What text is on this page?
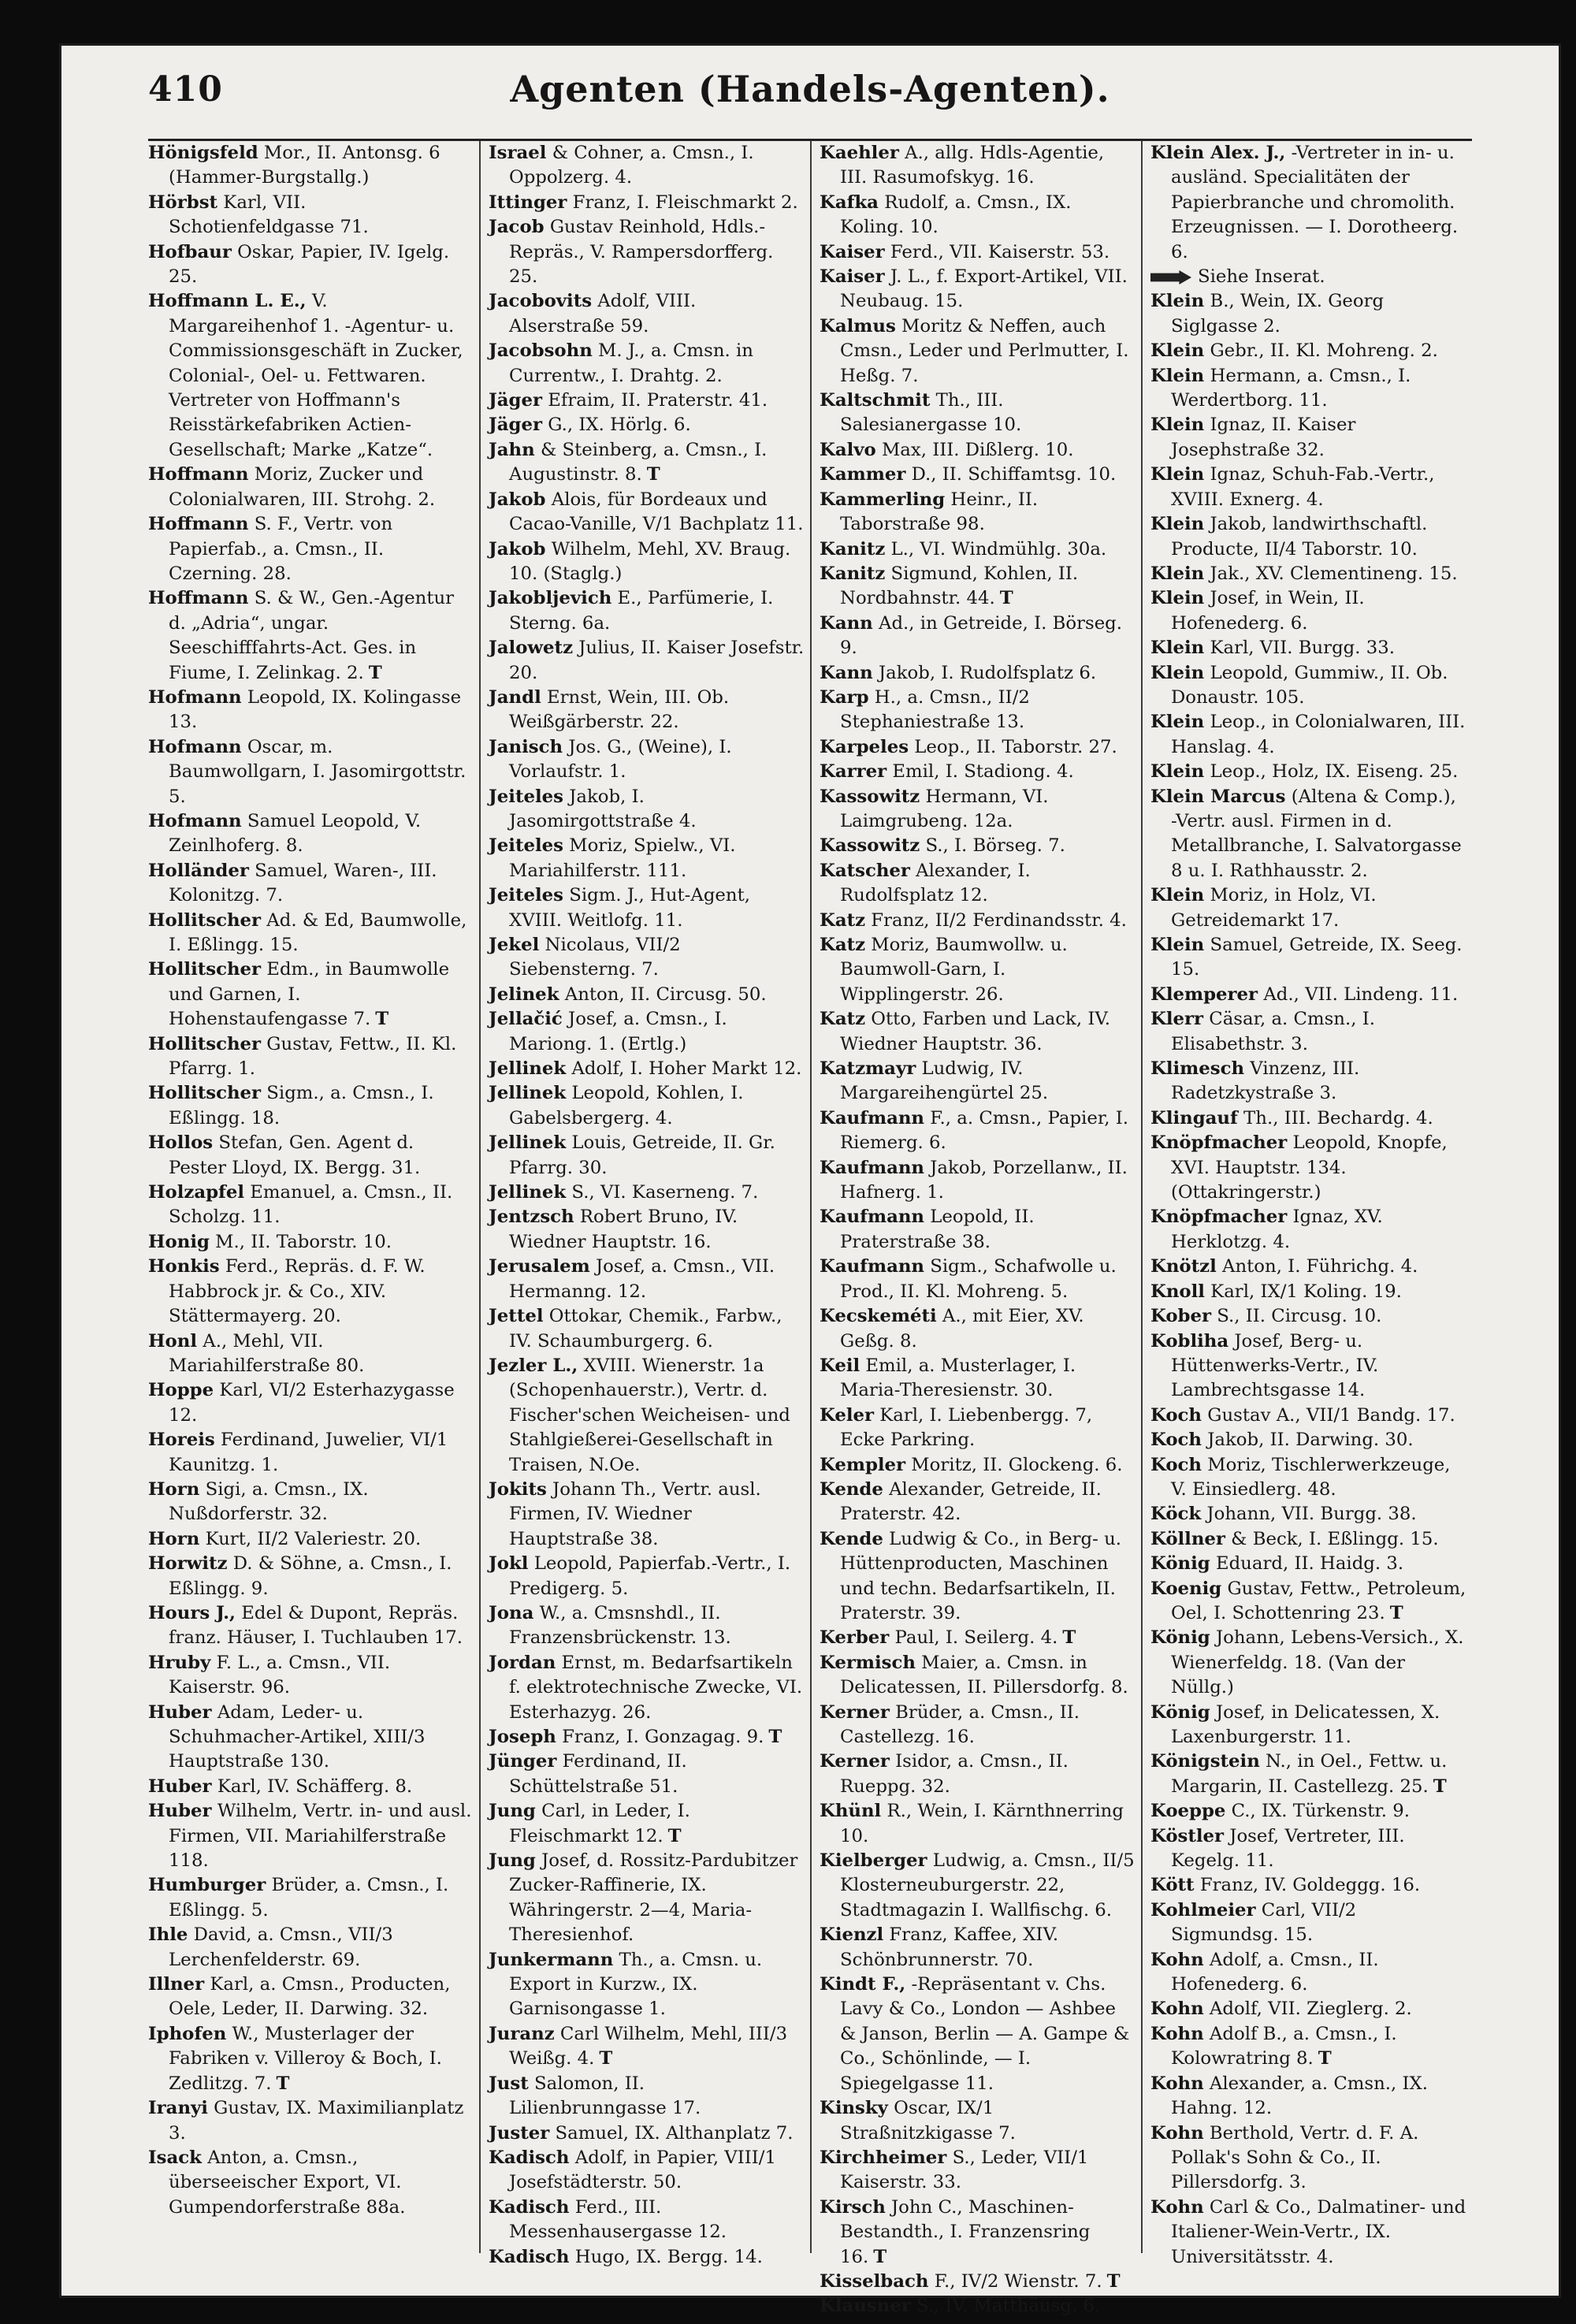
410	Agenten (Handels-Agenten).
Hönigsfeld Mor., II. Antonsg. 6 (Hammer-Burgstallg.)
Hörbst Karl, VII. Schotienfeldgasse 71.
Hofbaur Oskar, Papier, IV. Igelg. 25.
Hoffmann L. E., V. Margareihenhof 1. -Agentur- u. Commissionsgeschäft in Zucker, Colonial-, Oel- u. Fettwaren. Vertreter von Hoffmann's Reisstärkefabriken Actien-Gesellschaft; Marke „Katze“.
Hoffmann Moriz, Zucker und Colonialwaren, III. Strohg. 2.
Hoffmann S. F., Vertr. von Papierfab., a. Cmsn., II. Czerning. 28.
Hoffmann S. & W., Gen.-Agentur d. „Adria“, ungar. Seeschifffahrts-Act. Ges. in Fiume, I. Zelinkag. 2. T
Hofmann Leopold, IX. Kolingasse 13.
Hofmann Oscar, m. Baumwollgarn, I. Jasomirgottstr. 5.
Hofmann Samuel Leopold, V. Zeinlhoferg. 8.
Holländer Samuel, Waren-, III. Kolonitzg. 7.
Hollitscher Ad. & Ed, Baumwolle, I. Eßlingg. 15.
Hollitscher Edm., in Baumwolle und Garnen, I. Hohenstaufengasse 7. T
Hollitscher Gustav, Fettw., II. Kl. Pfarrg. 1.
Hollitscher Sigm., a. Cmsn., I. Eßlingg. 18.
Hollos Stefan, Gen. Agent d. Pester Lloyd, IX. Bergg. 31.
Holzapfel Emanuel, a. Cmsn., II. Scholzg. 11.
Honig M., II. Taborstr. 10.
Honkis Ferd., Repräs. d. F. W. Habbrock jr. & Co., XIV. Stättermayerg. 20.
Honl A., Mehl, VII. Mariahilferstraße 80.
Hoppe Karl, VI/2 Esterhazygasse 12.
Horeis Ferdinand, Juwelier, VI/1 Kaunitzg. 1.
Horn Sigi, a. Cmsn., IX. Nußdorferstr. 32.
Horn Kurt, II/2 Valeriestr. 20.
Horwitz D. & Söhne, a. Cmsn., I. Eßlingg. 9.
Hours J., Edel & Dupont, Repräs. franz. Häuser, I. Tuchlauben 17.
Hruby F. L., a. Cmsn., VII. Kaiserstr. 96.
Huber Adam, Leder- u. Schuhmacher-Artikel, XIII/3 Hauptstraße 130.
Huber Karl, IV. Schäfferg. 8.
Huber Wilhelm, Vertr. in- und ausl. Firmen, VII. Mariahilferstraße 118.
Humburger Brüder, a. Cmsn., I. Eßlingg. 5.
Ihle David, a. Cmsn., VII/3 Lerchenfelderstr. 69.
Illner Karl, a. Cmsn., Producten, Oele, Leder, II. Darwing. 32.
Iphofen W., Musterlager der Fabriken v. Villeroy & Boch, I. Zedlitzg. 7. T
Iranyi Gustav, IX. Maximilianplatz 3.
Isack Anton, a. Cmsn., überseeischer Export, VI. Gumpendorferstraße 88a.
Israel & Cohner, a. Cmsn., I. Oppolzerg. 4.
Ittinger Franz, I. Fleischmarkt 2.
Jacob Gustav Reinhold, Hdls.-Repräs., V. Rampersdorfferg. 25.
Jacobovits Adolf, VIII. Alserstraße 59.
Jacobsohn M. J., a. Cmsn. in Currentw., I. Drahtg. 2.
Jäger Efraim, II. Praterstr. 41.
Jäger G., IX. Hörlg. 6.
Jahn & Steinberg, a. Cmsn., I. Augustinstr. 8. T
Jakob Alois, für Bordeaux und Cacao-Vanille, V/1 Bachplatz 11.
Jakob Wilhelm, Mehl, XV. Braug. 10. (Staglg.)
Jakobljevich E., Parfümerie, I. Sterng. 6a.
Jalowetz Julius, II. Kaiser Josefstr. 20.
Jandl Ernst, Wein, III. Ob. Weißgärberstr. 22.
Janisch Jos. G., (Weine), I. Vorlaufstr. 1.
Jeiteles Jakob, I. Jasomirgottstraße 4.
Jeiteles Moriz, Spielw., VI. Mariahilferstr. 111.
Jeiteles Sigm. J., Hut-Agent, XVIII. Weitlofg. 11.
Jekel Nicolaus, VII/2 Siebensterng. 7.
Jelinek Anton, II. Circusg. 50.
Jellačić Josef, a. Cmsn., I. Mariong. 1. (Ertlg.)
Jellinek Adolf, I. Hoher Markt 12.
Jellinek Leopold, Kohlen, I. Gabelsbergerg. 4.
Jellinek Louis, Getreide, II. Gr. Pfarrg. 30.
Jellinek S., VI. Kaserneng. 7.
Jentzsch Robert Bruno, IV. Wiedner Hauptstr. 16.
Jerusalem Josef, a. Cmsn., VII. Hermanng. 12.
Jettel Ottokar, Chemik., Farbw., IV. Schaumburgerg. 6.
Jezler L., XVIII. Wienerstr. 1a (Schopenhauerstr.), Vertr. d. Fischer'schen Weicheisen- und Stahlgießerei-Gesellschaft in Traisen, N.Oe.
Jokits Johann Th., Vertr. ausl. Firmen, IV. Wiedner Hauptstraße 38.
Jokl Leopold, Papierfab.-Vertr., I. Predigerg. 5.
Jona W., a. Cmsnshdl., II. Franzensbrückenstr. 13.
Jordan Ernst, m. Bedarfsartikeln f. elektrotechnische Zwecke, VI. Esterhazyg. 26.
Joseph Franz, I. Gonzagag. 9. T
Jünger Ferdinand, II. Schüttelstraße 51.
Jung Carl, in Leder, I. Fleischmarkt 12. T
Jung Josef, d. Rossitz-Pardubitzer Zucker-Raffinerie, IX. Währingerstr. 2—4, Maria-Theresienhof.
Junkermann Th., a. Cmsn. u. Export in Kurzw., IX. Garnisongasse 1.
Juranz Carl Wilhelm, Mehl, III/3 Weißg. 4. T
Just Salomon, II. Lilienbrunngasse 17.
Juster Samuel, IX. Althanplatz 7.
Kadisch Adolf, in Papier, VIII/1 Josefstädterstr. 50.
Kadisch Ferd., III. Messenhausergasse 12.
Kadisch Hugo, IX. Bergg. 14.
Kaehler A., allg. Hdls-Agentie, III. Rasumofskyg. 16.
Kafka Rudolf, a. Cmsn., IX. Koling. 10.
Kaiser Ferd., VII. Kaiserstr. 53.
Kaiser J. L., f. Export-Artikel, VII. Neubaug. 15.
Kalmus Moritz & Neffen, auch Cmsn., Leder und Perlmutter, I. Heßg. 7.
Kaltschmit Th., III. Salesianergasse 10.
Kalvo Max, III. Dißlerg. 10.
Kammer D., II. Schiffamtsg. 10.
Kammerling Heinr., II. Taborstraße 98.
Kanitz L., VI. Windmühlg. 30a.
Kanitz Sigmund, Kohlen, II. Nordbahnstr. 44. T
Kann Ad., in Getreide, I. Börseg. 9.
Kann Jakob, I. Rudolfsplatz 6.
Karp H., a. Cmsn., II/2 Stephaniestraße 13.
Karpeles Leop., II. Taborstr. 27.
Karrer Emil, I. Stadiong. 4.
Kassowitz Hermann, VI. Laimgrubeng. 12a.
Kassowitz S., I. Börseg. 7.
Katscher Alexander, I. Rudolfsplatz 12.
Katz Franz, II/2 Ferdinandsstr. 4.
Katz Moriz, Baumwollw. u. Baumwoll-Garn, I. Wipplingerstr. 26.
Katz Otto, Farben und Lack, IV. Wiedner Hauptstr. 36.
Katzmayr Ludwig, IV. Margareihengürtel 25.
Kaufmann F., a. Cmsn., Papier, I. Riemerg. 6.
Kaufmann Jakob, Porzellanw., II. Hafnerg. 1.
Kaufmann Leopold, II. Praterstraße 38.
Kaufmann Sigm., Schafwolle u. Prod., II. Kl. Mohreng. 5.
Kecskeméti A., mit Eier, XV. Geßg. 8.
Keil Emil, a. Musterlager, I. Maria-Theresienstr. 30.
Keler Karl, I. Liebenbergg. 7, Ecke Parkring.
Kempler Moritz, II. Glockeng. 6.
Kende Alexander, Getreide, II. Praterstr. 42.
Kende Ludwig & Co., in Berg- u. Hüttenproducten, Maschinen und techn. Bedarfsartikeln, II. Praterstr. 39.
Kerber Paul, I. Seilerg. 4. T
Kermisch Maier, a. Cmsn. in Delicatessen, II. Pillersdorfg. 8.
Kerner Brüder, a. Cmsn., II. Castellezg. 16.
Kerner Isidor, a. Cmsn., II. Rueppg. 32.
Khünl R., Wein, I. Kärnthnerring 10.
Kielberger Ludwig, a. Cmsn., II/5 Klosterneuburgerstr. 22, Stadtmagazin I. Wallfischg. 6.
Kienzl Franz, Kaffee, XIV. Schönbrunnerstr. 70.
Kindt F., -Repräsentant v. Chs. Lavy & Co., London — Ashbee & Janson, Berlin — A. Gampe & Co., Schönlinde, — I. Spiegelgasse 11.
Kinsky Oscar, IX/1 Straßnitzkigasse 7.
Kirchheimer S., Leder, VII/1 Kaiserstr. 33.
Kirsch John C., Maschinen-Bestandth., I. Franzensring 16. T
Kisselbach F., IV/2 Wienstr. 7. T
Klausner S., IV. Matthäusg. 6.
Klein Alex. J., -Vertreter in in- u. ausländ. Specialitäten der Papierbranche und chromolith. Erzeugnissen. — I. Dorotheerg. 6.
Siehe Inserat.
Klein B., Wein, IX. Georg Siglgasse 2.
Klein Gebr., II. Kl. Mohreng. 2.
Klein Hermann, a. Cmsn., I. Werdertborg. 11.
Klein Ignaz, II. Kaiser Josephstraße 32.
Klein Ignaz, Schuh-Fab.-Vertr., XVIII. Exnerg. 4.
Klein Jakob, landwirthschaftl. Producte, II/4 Taborstr. 10.
Klein Jak., XV. Clementineng. 15.
Klein Josef, in Wein, II. Hofenederg. 6.
Klein Karl, VII. Burgg. 33.
Klein Leopold, Gummiw., II. Ob. Donaustr. 105.
Klein Leop., in Colonialwaren, III. Hanslag. 4.
Klein Leop., Holz, IX. Eiseng. 25.
Klein Marcus (Altena & Comp.), -Vertr. ausl. Firmen in d. Metallbranche, I. Salvatorgasse 8 u. I. Rathhausstr. 2.
Klein Moriz, in Holz, VI. Getreidemarkt 17.
Klein Samuel, Getreide, IX. Seeg. 15.
Klemperer Ad., VII. Lindeng. 11.
Klerr Cäsar, a. Cmsn., I. Elisabethstr. 3.
Klimesch Vinzenz, III. Radetzkystraße 3.
Klingauf Th., III. Bechardg. 4.
Knöpfmacher Leopold, Knopfe, XVI. Hauptstr. 134. (Ottakringerstr.)
Knöpfmacher Ignaz, XV. Herklotzg. 4.
Knötzl Anton, I. Führichg. 4.
Knoll Karl, IX/1 Koling. 19.
Kober S., II. Circusg. 10.
Kobliha Josef, Berg- u. Hüttenwerks-Vertr., IV. Lambrechtsgasse 14.
Koch Gustav A., VII/1 Bandg. 17.
Koch Jakob, II. Darwing. 30.
Koch Moriz, Tischlerwerkzeuge, V. Einsiedlerg. 48.
Köck Johann, VII. Burgg. 38.
Köllner & Beck, I. Eßlingg. 15.
König Eduard, II. Haidg. 3.
Koenig Gustav, Fettw., Petroleum, Oel, I. Schottenring 23. T
König Johann, Lebens-Versich., X. Wienerfeldg. 18. (Van der Nüllg.)
König Josef, in Delicatessen, X. Laxenburgerstr. 11.
Königstein N., in Oel., Fettw. u. Margarin, II. Castellezg. 25. T
Koeppe C., IX. Türkenstr. 9.
Köstler Josef, Vertreter, III. Kegelg. 11.
Kött Franz, IV. Goldeggg. 16.
Kohlmeier Carl, VII/2 Sigmundsg. 15.
Kohn Adolf, a. Cmsn., II. Hofenederg. 6.
Kohn Adolf, VII. Zieglerg. 2.
Kohn Adolf B., a. Cmsn., I. Kolowratring 8. T
Kohn Alexander, a. Cmsn., IX. Hahng. 12.
Kohn Berthold, Vertr. d. F. A. Pollak's Sohn & Co., II. Pillersdorfg. 3.
Kohn Carl & Co., Dalmatiner- und Italiener-Wein-Vertr., IX. Universitätsstr. 4.
